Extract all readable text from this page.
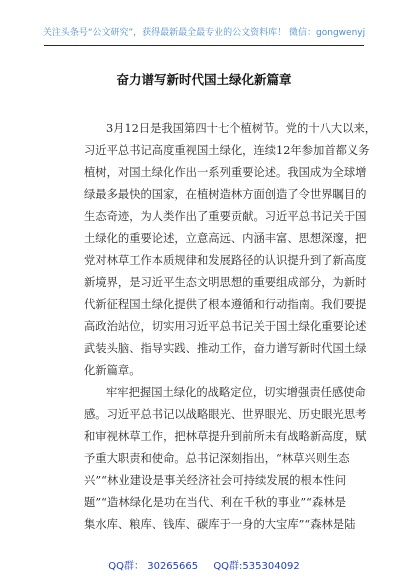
关注头条号“公文研究”，获得最新最全最专业的公文资料库！ 微信：gongwenyj
奋力谱写新时代国土绿化新篇章
3月12日是我国第四十七个植树节。党的十八大以来，
习近平总书记高度重视国土绿化，连续12年参加首都义务
植树，对国土绿化作出一系列重要论述。我国成为全球增
绿最多最快的国家，在植树造林方面创造了令世界瞩目的
生态奇迹，为人类作出了重要贡献。习近平总书记关于国
土绿化的重要论述，立意高远、内涵丰富、思想深邃，把
党对林草工作本质规律和发展路径的认识提升到了新高度
新境界，是习近平生态文明思想的重要组成部分，为新时
代新征程国土绿化提供了根本遵循和行动指南。我们要提
高政治站位，切实用习近平总书记关于国土绿化重要论述
武装头脑、指导实践、推动工作，奋力谱写新时代国土绿
化新篇章。
牢牢把握国土绿化的战略定位，切实增强责任感使命
感。习近平总书记以战略眼光、世界眼光、历史眼光思考
和审视林草工作，把林草提升到前所未有战略新高度，赋
予重大职责和使命。总书记深刻指出，“林草兴则生态
兴”“林业建设是事关经济社会可持续发展的根本性问
题”“造林绿化是功在当代、利在千秋的事业”“森林是
集水库、粮库、钱库、碳库于一身的大宝库”“森林是陆
QQ群： 30265665 QQ群:535304092
